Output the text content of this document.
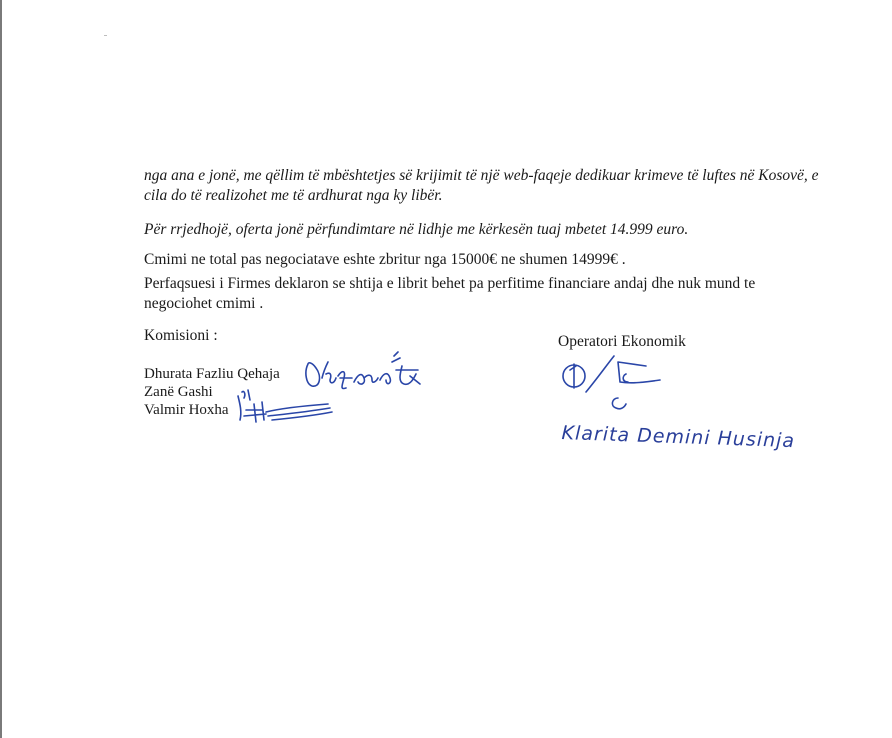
nga ana e jonë, me qëllim të mbështetjes së krijimit të një web-faqeje dedikuar krimeve të luftes në Kosovë, e cila do të realizohet me të ardhurat nga ky libër.

Për rrjedhojë, oferta jonë përfundimtare në lidhje me kërkesën tuaj mbetet 14.999 euro.

Cmimi ne total pas negociatave eshte zbritur nga 15000€ ne shumen 14999€ .

Perfaqsuesi i Firmes deklaron se shtija e librit behet pa perfitime financiare andaj dhe nuk mund te negociohet cmimi .

Komisioni :
Dhurata Fazliu Qehaja
Zanë Gashi
Valmir Hoxha
Operatori Ekonomik
Klarita Demini Husinja
